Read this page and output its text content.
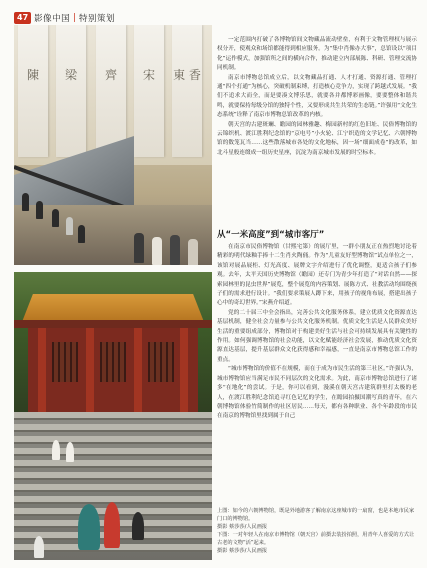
47 影像中国 | 特别策划
陳 梁 齊 宋 東 香

一定范围内打破了各博物馆间文物藏品流动壁垒，有利于文物管理权与展示权分开，使观众和场馆都能得到相应服务。为“集中肖像办大事”，总馆设以“项目化”运作模式，加强馆所之间的横向合作，推动建立内部展陈、科研、管理交流协同机制。

南京市博物总馆成立后，以文物藏品打通、人才打通、资源打通、管理打通“四个打通”为核心，突破机制束缚，打造核心竞争力，实现了跨越式发展。“我们不追求大而全，而是要凑文博乐思，就要各并都博彩画像，要要整体和谐共鸣，就要保持每级分馆的独特个性，又要形成共生共荣的生态链。”许强用“文化生态系统”诠释了南京市博物总馆改革的内核。

朝天宫的古建斑斓、瞻园的园林雅趣、梅园新村的红色旧址、民俗博物馆的云锦织机、渡江胜利纪念馆的“京电号”小火轮、江宁织造的文学记忆、六朝博物馆的数笼瓦当……这些散落城市各处的文化地标，因一场“细面成卷”的改革，如北斗星般连缀成一组历史星座，沉淀为南京城市发展的时空标本。

从“一米高度”到“城市客厅”

在南京市民俗博物馆（甘熙宅第）的展厅里，一群小朋友正在热烈地讨论着精彩的明代绿釉手捧十二生肖火陶俑。作为“儿童友好型博物馆”试点单位之一，该馆对展品展柜、灯光高度、展牌文字介绍进行了优化调整，更适合孩子们参观。去年，太平天国历史博物馆（瞻园）还专门为青少年打造了“对话自然——探索园林里的昆虫世界”展览，整个展览的内容策划、展陈方式、社教活动均围绕孩子们的需求进行设计。“我们要求策展人蹲下来，用孩子的视角布展，搭建出孩子心中的奇幻世界。”宋燕介绍道。

党的二十届三中全会指出，完善公共文化服务体系，建立优质文化资源直达基层机制，健全社会力量参与公共文化服务机制。优质文化生活是人民群众美好生活的重要组成部分，博物馆对于构建美好生活与社会可持续发展具有关键性的作用。如何强调博物馆的社会功能，以文化赋能经济社会发展，推动优质文化资源直达基层，提升基层群众文化获得感和幸福感，一直是南京市博物总馆工作的重点。

“城市博物馆的价值不在规模，而在于成为市民生活的第三社区。”许强认为，城市博物馆应当满足市民不同层次的文化需求。为此，南京市博物总馆进行了诸多“在地化”的尝试。于是，你可以看到，漫溪在朝天宫古建筑群里打太极的老人，在渡江胜利纪念馆追寻红色记忆的学生，在瞻园拍摄国潮写真的青年，在六朝博物馆体验竹简制作的社区居民……每天，都有各种职业、各个年龄段的市民在南京的博物馆里找到属于自己

上图：如今的六朝博物馆，既是外地游客了解南京这座城市的一扇窗，也是本地市民家门口的博物馆。
摄影 蔡莎莎/人民画报
下图：一对年轻人在南京市博物馆（朝天宫）前摄去装扮拍照，用青年人喜爱的方式让古老的文物“活”起来。
摄影 蔡莎莎/人民画报
